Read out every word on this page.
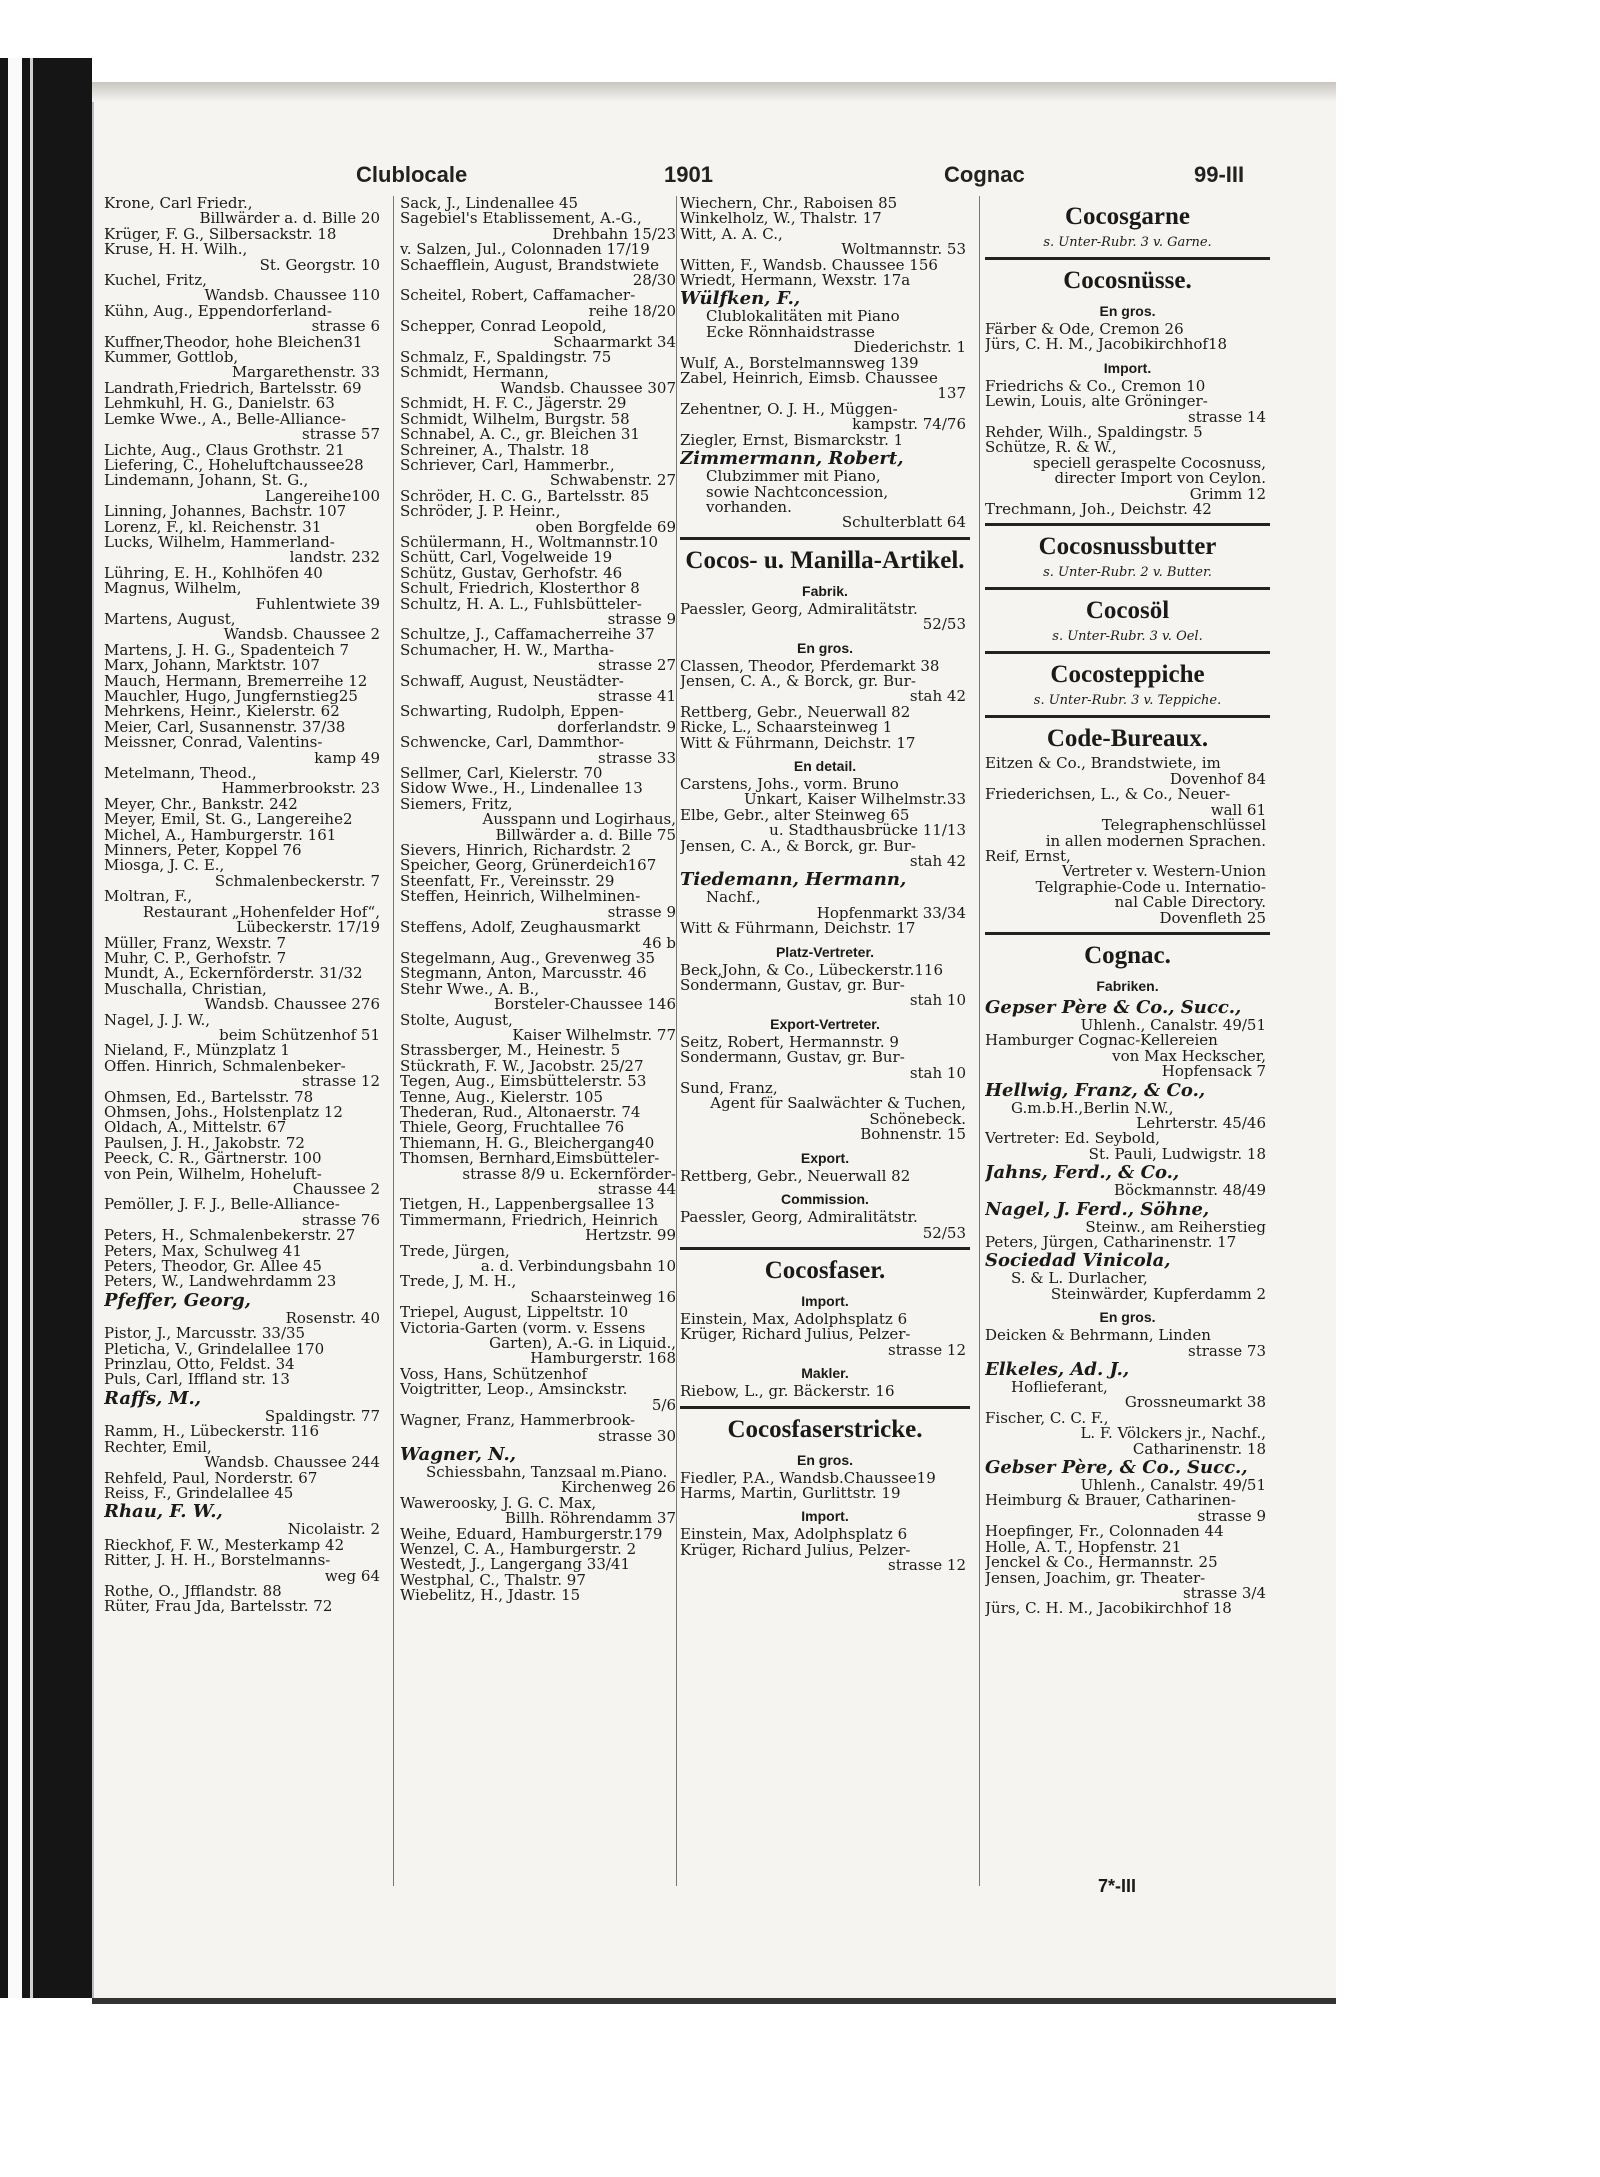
Clublocale	1901	Cognac	99-III
Krone, Carl Friedr.,
Billwärder a. d. Bille 20
Krüger, F. G., Silbersackstr. 18
Kruse, H. H. Wilh.,
St. Georgstr. 10
Kuchel, Fritz,
Wandsb. Chaussee 110
Kühn, Aug., Eppendorferland-
strasse 6
Kuffner,Theodor, hohe Bleichen31
Kummer, Gottlob,
Margarethenstr. 33
Landrath,Friedrich, Bartelsstr. 69
Lehmkuhl, H. G., Danielstr. 63
Lemke Wwe., A., Belle-Alliance-
strasse 57
Lichte, Aug., Claus Grothstr. 21
Liefering, C., Hoheluftchaussee28
Lindemann, Johann, St. G.,
Langereihe100
Linning, Johannes, Bachstr. 107
Lorenz, F., kl. Reichenstr. 31
Lucks, Wilhelm, Hammerland-
landstr. 232
Lühring, E. H., Kohlhöfen 40
Magnus, Wilhelm,
Fuhlentwiete 39
Martens, August,
Wandsb. Chaussee 2
Martens, J. H. G., Spadenteich 7
Marx, Johann, Marktstr. 107
Mauch, Hermann, Bremerreihe 12
Mauchler, Hugo, Jungfernstieg25
Mehrkens, Heinr., Kielerstr. 62
Meier, Carl, Susannenstr. 37/38
Meissner, Conrad, Valentins-
kamp 49
Metelmann, Theod.,
Hammerbrookstr. 23
Meyer, Chr., Bankstr. 242
Meyer, Emil, St. G., Langereihe2
Michel, A., Hamburgerstr. 161
Minners, Peter, Koppel 76
Miosga, J. C. E.,
Schmalenbeckerstr. 7
Moltran, F.,
Restaurant „Hohenfelder Hof“,
Lübeckerstr. 17/19
Müller, Franz, Wexstr. 7
Muhr, C. P., Gerhofstr. 7
Mundt, A., Eckernförderstr. 31/32
Muschalla, Christian,
Wandsb. Chaussee 276
Nagel, J. J. W.,
beim Schützenhof 51
Nieland, F., Münzplatz 1
Offen. Hinrich, Schmalenbeker-
strasse 12
Ohmsen, Ed., Bartelsstr. 78
Ohmsen, Johs., Holstenplatz 12
Oldach, A., Mittelstr. 67
Paulsen, J. H., Jakobstr. 72
Peeck, C. R., Gärtnerstr. 100
von Pein, Wilhelm, Hoheluft-
Chaussee 2
Pemöller, J. F. J., Belle-Alliance-
strasse 76
Peters, H., Schmalenbekerstr. 27
Peters, Max, Schulweg 41
Peters, Theodor, Gr. Allee 45
Peters, W., Landwehrdamm 23
Pfeffer, Georg,
Rosenstr. 40
Pistor, J., Marcusstr. 33/35
Pleticha, V., Grindelallee 170
Prinzlau, Otto, Feldst. 34
Puls, Carl, Iffland str. 13
Raffs, M.,
Spaldingstr. 77
Ramm, H., Lübeckerstr. 116
Rechter, Emil,
Wandsb. Chaussee 244
Rehfeld, Paul, Norderstr. 67
Reiss, F., Grindelallee 45
Rhau, F. W.,
Nicolaistr. 2
Rieckhof, F. W., Mesterkamp 42
Ritter, J. H. H., Borstelmanns-
weg 64
Rothe, O., Jfflandstr. 88
Rüter, Frau Jda, Bartelsstr. 72
Sack, J., Lindenallee 45
Sagebiel's Etablissement, A.-G.,
Drehbahn 15/23
v. Salzen, Jul., Colonnaden 17/19
Schaefflein, August, Brandstwiete
28/30
Scheitel, Robert, Caffamacher-
reihe 18/20
Schepper, Conrad Leopold,
Schaarmarkt 34
Schmalz, F., Spaldingstr. 75
Schmidt, Hermann,
Wandsb. Chaussee 307
Schmidt, H. F. C., Jägerstr. 29
Schmidt, Wilhelm, Burgstr. 58
Schnabel, A. C., gr. Bleichen 31
Schreiner, A., Thalstr. 18
Schriever, Carl, Hammerbr.,
Schwabenstr. 27
Schröder, H. C. G., Bartelsstr. 85
Schröder, J. P. Heinr.,
oben Borgfelde 69
Schülermann, H., Woltmannstr.10
Schütt, Carl, Vogelweide 19
Schütz, Gustav, Gerhofstr. 46
Schult, Friedrich, Klosterthor 8
Schultz, H. A. L., Fuhlsbütteler-
strasse 9
Schultze, J., Caffamacherreihe 37
Schumacher, H. W., Martha-
strasse 27
Schwaff, August, Neustädter-
strasse 41
Schwarting, Rudolph, Eppen-
dorferlandstr. 9
Schwencke, Carl, Dammthor-
strasse 33
Sellmer, Carl, Kielerstr. 70
Sidow Wwe., H., Lindenallee 13
Siemers, Fritz,
Ausspann und Logirhaus,
Billwärder a. d. Bille 75
Sievers, Hinrich, Richardstr. 2
Speicher, Georg, Grünerdeich167
Steenfatt, Fr., Vereinsstr. 29
Steffen, Heinrich, Wilhelminen-
strasse 9
Steffens, Adolf, Zeughausmarkt
46 b
Stegelmann, Aug., Grevenweg 35
Stegmann, Anton, Marcusstr. 46
Stehr Wwe., A. B.,
Borsteler-Chaussee 146
Stolte, August,
Kaiser Wilhelmstr. 77
Strassberger, M., Heinestr. 5
Stückrath, F. W., Jacobstr. 25/27
Tegen, Aug., Eimsbüttelerstr. 53
Tenne, Aug., Kielerstr. 105
Thederan, Rud., Altonaerstr. 74
Thiele, Georg, Fruchtallee 76
Thiemann, H. G., Bleichergang40
Thomsen, Bernhard,Eimsbütteler-
strasse 8/9 u. Eckernförder-
strasse 44
Tietgen, H., Lappenbergsallee 13
Timmermann, Friedrich, Heinrich
Hertzstr. 99
Trede, Jürgen,
a. d. Verbindungsbahn 10
Trede, J, M. H.,
Schaarsteinweg 16
Triepel, August, Lippeltstr. 10
Victoria-Garten (vorm. v. Essens
Garten), A.-G. in Liquid.,
Hamburgerstr. 168
Voss, Hans, Schützenhof
Voigtritter, Leop., Amsinckstr.
5/6
Wagner, Franz, Hammerbrook-
strasse 30
Wagner, N.,
Schiessbahn, Tanzsaal m.Piano.
Kirchenweg 26
Waweroosky, J. G. C. Max,
Billh. Röhrendamm 37
Weihe, Eduard, Hamburgerstr.179
Wenzel, C. A., Hamburgerstr. 2
Westedt, J., Langergang 33/41
Westphal, C., Thalstr. 97
Wiebelitz, H., Jdastr. 15
Wiechern, Chr., Raboisen 85
Winkelholz, W., Thalstr. 17
Witt, A. A. C.,
Woltmannstr. 53
Witten, F., Wandsb. Chaussee 156
Wriedt, Hermann, Wexstr. 17a
Wülfken, F.,
Clublokalitäten mit Piano
Ecke Rönnhaidstrasse
Diederichstr. 1
Wulf, A., Borstelmannsweg 139
Zabel, Heinrich, Eimsb. Chaussee
137
Zehentner, O. J. H., Müggen-
kampstr. 74/76
Ziegler, Ernst, Bismarckstr. 1
Zimmermann, Robert,
Clubzimmer mit Piano,
sowie Nachtconcession,
vorhanden.
Schulterblatt 64
Cocos- u. Manilla-Artikel.
Fabrik.
Paessler, Georg, Admiralitätstr.
52/53
En gros.
Classen, Theodor, Pferdemarkt 38
Jensen, C. A., & Borck, gr. Bur-
stah 42
Rettberg, Gebr., Neuerwall 82
Ricke, L., Schaarsteinweg 1
Witt & Führmann, Deichstr. 17
En detail.
Carstens, Johs., vorm. Bruno
Unkart, Kaiser Wilhelmstr.33
Elbe, Gebr., alter Steinweg 65
u. Stadthausbrücke 11/13
Jensen, C. A., & Borck, gr. Bur-
stah 42
Tiedemann, Hermann,
Nachf.,
Hopfenmarkt 33/34
Witt & Führmann, Deichstr. 17
Platz-Vertreter.
Beck,John, & Co., Lübeckerstr.116
Sondermann, Gustav, gr. Bur-
stah 10
Export-Vertreter.
Seitz, Robert, Hermannstr. 9
Sondermann, Gustav, gr. Bur-
stah 10
Sund, Franz,
Agent für Saalwächter & Tuchen,
Schönebeck.
Bohnenstr. 15
Export.
Rettberg, Gebr., Neuerwall 82
Commission.
Paessler, Georg, Admiralitätstr.
52/53
Cocosfaser.
Import.
Einstein, Max, Adolphsplatz 6
Krüger, Richard Julius, Pelzer-
strasse 12
Makler.
Riebow, L., gr. Bäckerstr. 16
Cocosfaserstricke.
En gros.
Fiedler, P.A., Wandsb.Chaussee19
Harms, Martin, Gurlittstr. 19
Import.
Einstein, Max, Adolphsplatz 6
Krüger, Richard Julius, Pelzer-
strasse 12
Cocosgarne
s. Unter-Rubr. 3 v. Garne.
Cocosnüsse.
En gros.
Färber & Ode, Cremon 26
Jürs, C. H. M., Jacobikirchhof18
Import.
Friedrichs & Co., Cremon 10
Lewin, Louis, alte Gröninger-
strasse 14
Rehder, Wilh., Spaldingstr. 5
Schütze, R. & W.,
speciell geraspelte Cocosnuss,
directer Import von Ceylon.
Grimm 12
Trechmann, Joh., Deichstr. 42
Cocosnussbutter
s. Unter-Rubr. 2 v. Butter.
Cocosöl
s. Unter-Rubr. 3 v. Oel.
Cocosteppiche
s. Unter-Rubr. 3 v. Teppiche.
Code-Bureaux.
Eitzen & Co., Brandstwiete, im
Dovenhof 84
Friederichsen, L., & Co., Neuer-
wall 61
Telegraphenschlüssel
in allen modernen Sprachen.
Reif, Ernst,
Vertreter v. Western-Union
Telgraphie-Code u. Internatio-
nal Cable Directory.
Dovenfleth 25
Cognac.
Fabriken.
Gepser Père & Co., Succ.,
Uhlenh., Canalstr. 49/51
Hamburger Cognac-Kellereien
von Max Heckscher,
Hopfensack 7
Hellwig, Franz, & Co.,
G.m.b.H.,Berlin N.W.,
Lehrterstr. 45/46
Vertreter: Ed. Seybold,
St. Pauli, Ludwigstr. 18
Jahns, Ferd., & Co.,
Böckmannstr. 48/49
Nagel, J. Ferd., Söhne,
Steinw., am Reiherstieg
Peters, Jürgen, Catharinenstr. 17
Sociedad Vinicola,
S. & L. Durlacher,
Steinwärder, Kupferdamm 2
En gros.
Deicken & Behrmann, Linden
strasse 73
Elkeles, Ad. J.,
Hoflieferant,
Grossneumarkt 38
Fischer, C. C. F.,
L. F. Völckers jr., Nachf.,
Catharinenstr. 18
Gebser Père, & Co., Succ.,
Uhlenh., Canalstr. 49/51
Heimburg & Brauer, Catharinen-
strasse 9
Hoepfinger, Fr., Colonnaden 44
Holle, A. T., Hopfenstr. 21
Jenckel & Co., Hermannstr. 25
Jensen, Joachim, gr. Theater-
strasse 3/4
Jürs, C. H. M., Jacobikirchhof 18
7*-III
